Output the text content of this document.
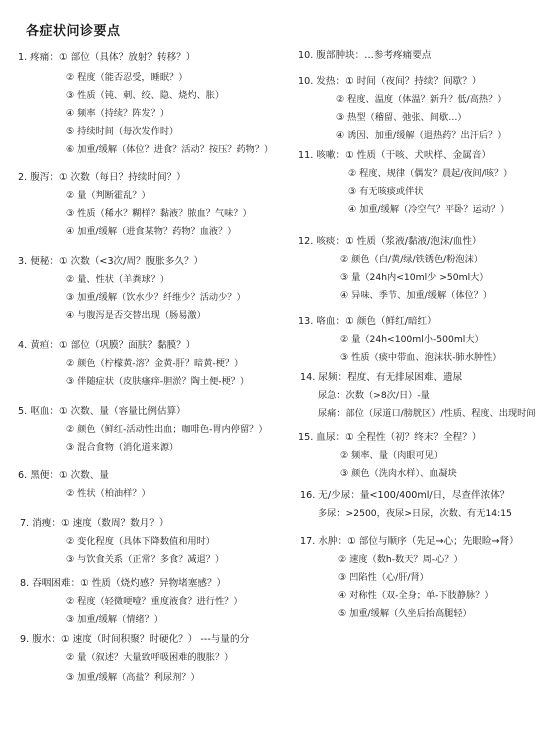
各症状问诊要点
1. 疼痛：① 部位（具体？放射？转移？）
② 程度（能否忍受，睡眠？）
③ 性质（钝、刺、绞、隐、烧灼、胀）
④ 频率（持续？阵发？）
⑤ 持续时间（每次发作时）
⑥ 加重/缓解（体位？进食？活动？按压？药物？）
2. 腹泻：① 次数（每日？持续时间？）
② 量（判断霍乱？）
③ 性质（稀水？糊样？黏液？脓血？气味？）
④ 加重/缓解（进食某物？药物？血液？）
3. 便秘：① 次数（<3次/周？腹胀多久？）
② 量、性状（羊粪球？）
③ 加重/缓解（饮水少？纤维少？活动少？）
④ 与腹泻是否交替出现（肠易激）
4. 黄疸：① 部位（巩膜？面肤？黏膜？）
② 颜色（柠檬黄-溶？金黄-肝？暗黄-梗？）
③ 伴随症状（皮肤瘙痒-胆淤？陶土便-梗？）
5. 呕血：① 次数、量（容量比例估算）
② 颜色（鲜红-活动性出血；咖啡色-胃内停留？）
③ 混合食物（消化道来源）
6. 黑便：① 次数、量
② 性状（柏油样？）
7. 消瘦：① 速度（数周？数月？）
② 变化程度（具体下降数值和用时）
③ 与饮食关系（正常？多食？减退？）
8. 吞咽困难：① 性质（烧灼感？异物堵塞感？）
② 程度（轻微哽噎？重度液食？进行性？）
③ 加重/缓解（情绪？）
9. 腹水：① 速度（时间积聚？时硬化？） ---与量的分
② 量（叙述？大量致呼吸困难的腹胀？）
③ 加重/缓解（高盐？利尿剂？）
10. 腹部肿块：…参考疼痛要点
10. 发热：① 时间（夜间？持续？间歇？）
② 程度、温度（体温？新升？低/高热？）
③ 热型（稽留、弛张、间歇…）
④ 诱因、加重/缓解（退热药？出汗后？）
11. 咳嗽：① 性质（干咳、犬吠样、金属音）
② 程度、规律（偶发？晨起/夜间/咳？）
③ 有无咳痰或伴状
④ 加重/缓解（冷空气？平卧？运动？）
12. 咳痰：① 性质（浆液/黏液/泡沫/血性）
② 颜色（白/黄/绿/铁锈色/粉泡沫）
③ 量（24h内<10ml少 >50ml大）
④ 异味、季节、加重/缓解（体位？）
13. 咯血：① 颜色（鲜红/暗红）
② 量（24h<100ml小-500ml大）
③ 性质（痰中带血、泡沫状-肺水肿性）
14. 尿频：程度、有无排尿困难、遗尿
尿急：次数（>8次/日）-量
尿痛：部位（尿道口/膀胱区）/性质、程度、出现时间
15. 血尿：① 全程性（初？终末？全程？）
② 频率、量（肉眼可见）
③ 颜色（洗肉水样）、血凝块
16. 无/少尿：量<100/400ml/日，尽查伴浓体？
多尿：>2500，夜尿>日尿，次数、有无14:15
17. 水肿：① 部位与顺序（先足→心；先眼睑→肾）
② 速度（数h-数天？周-心？）
③ 凹陷性（心/肝/肾）
④ 对称性（双-全身；单-下肢静脉？）
⑤ 加重/缓解（久坐后抬高腿轻）
